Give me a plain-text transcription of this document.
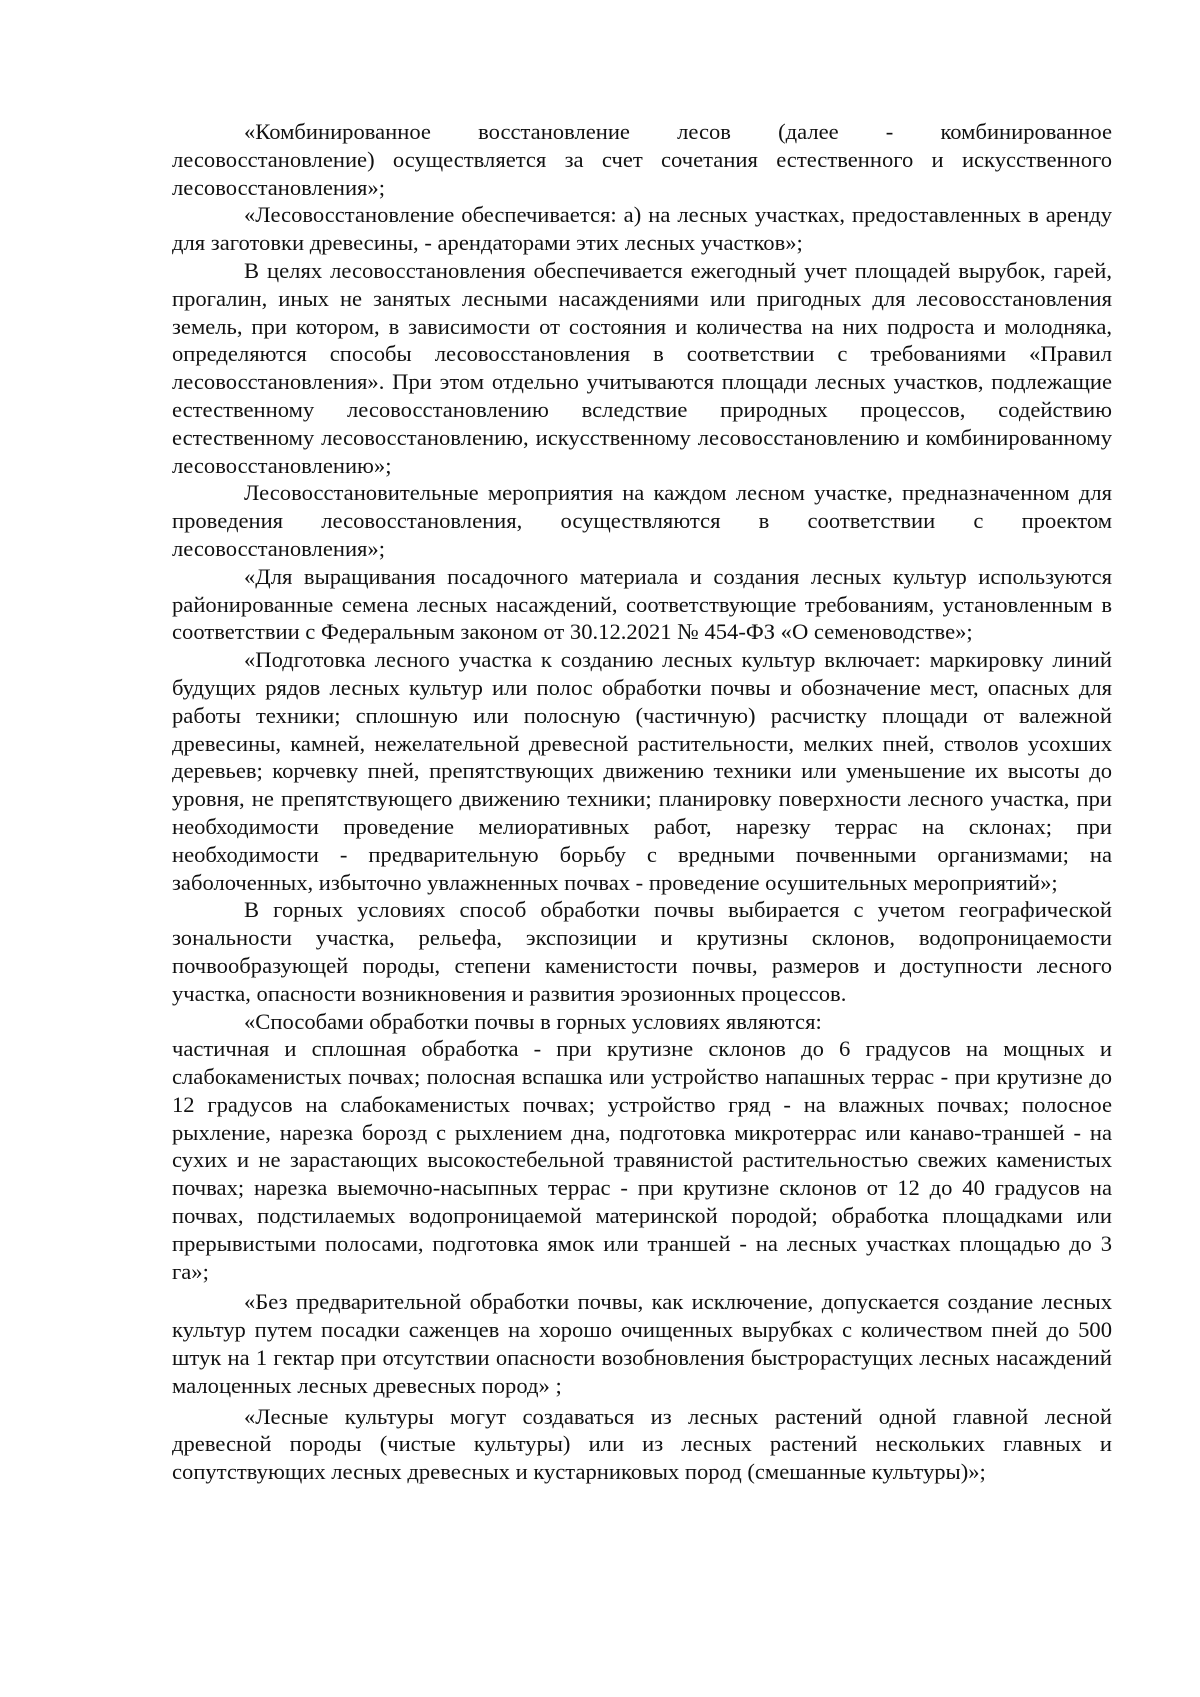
«Комбинированное восстановление лесов (далее - комбинированное лесовосстановление) осуществляется за счет сочетания естественного и искусственного лесовосстановления»;

«Лесовосстановление обеспечивается: а) на лесных участках, предоставленных в аренду для заготовки древесины, - арендаторами этих лесных участков»;

В целях лесовосстановления обеспечивается ежегодный учет площадей вырубок, гарей, прогалин, иных не занятых лесными насаждениями или пригодных для лесовосстановления земель, при котором, в зависимости от состояния и количества на них подроста и молодняка, определяются способы лесовосстановления в соответствии с требованиями «Правил лесовосстановления». При этом отдельно учитываются площади лесных участков, подлежащие естественному лесовосстановлению вследствие природных процессов, содействию естественному лесовосстановлению, искусственному лесовосстановлению и комбинированному лесовосстановлению»;

Лесовосстановительные мероприятия на каждом лесном участке, предназначенном для проведения лесовосстановления, осуществляются в соответствии с проектом лесовосстановления»;

«Для выращивания посадочного материала и создания лесных культур используются районированные семена лесных насаждений, соответствующие требованиям, установленным в соответствии с Федеральным законом от 30.12.2021 № 454-ФЗ «О семеноводстве»;

«Подготовка лесного участка к созданию лесных культур включает: маркировку линий будущих рядов лесных культур или полос обработки почвы и обозначение мест, опасных для работы техники; сплошную или полосную (частичную) расчистку площади от валежной древесины, камней, нежелательной древесной растительности, мелких пней, стволов усохших деревьев; корчевку пней, препятствующих движению техники или уменьшение их высоты до уровня, не препятствующего движению техники; планировку поверхности лесного участка, при необходимости проведение мелиоративных работ, нарезку террас на склонах; при необходимости - предварительную борьбу с вредными почвенными организмами; на заболоченных, избыточно увлажненных почвах - проведение осушительных мероприятий»;

В горных условиях способ обработки почвы выбирается с учетом географической зональности участка, рельефа, экспозиции и крутизны склонов, водопроницаемости почвообразующей породы, степени каменистости почвы, размеров и доступности лесного участка, опасности возникновения и развития эрозионных процессов.

«Способами обработки почвы в горных условиях являются:

частичная и сплошная обработка - при крутизне склонов до 6 градусов на мощных и слабокаменистых почвах; полосная вспашка или устройство напашных террас - при крутизне до 12 градусов на слабокаменистых почвах; устройство гряд - на влажных почвах; полосное рыхление, нарезка борозд с рыхлением дна, подготовка микротеррас или канаво-траншей - на сухих и не зарастающих высокостебельной травянистой растительностью свежих каменистых почвах; нарезка выемочно-насыпных террас - при крутизне склонов от 12 до 40 градусов на почвах, подстилаемых водопроницаемой материнской породой; обработка площадками или прерывистыми полосами, подготовка ямок или траншей - на лесных участках площадью до 3 га»;

«Без предварительной обработки почвы, как исключение, допускается создание лесных культур путем посадки саженцев на хорошо очищенных вырубках с количеством пней до 500 штук на 1 гектар при отсутствии опасности возобновления быстрорастущих лесных насаждений малоценных лесных древесных пород» ;

«Лесные культуры могут создаваться из лесных растений одной главной лесной древесной породы (чистые культуры) или из лесных растений нескольких главных и сопутствующих лесных древесных и кустарниковых пород (смешанные культуры)»;
